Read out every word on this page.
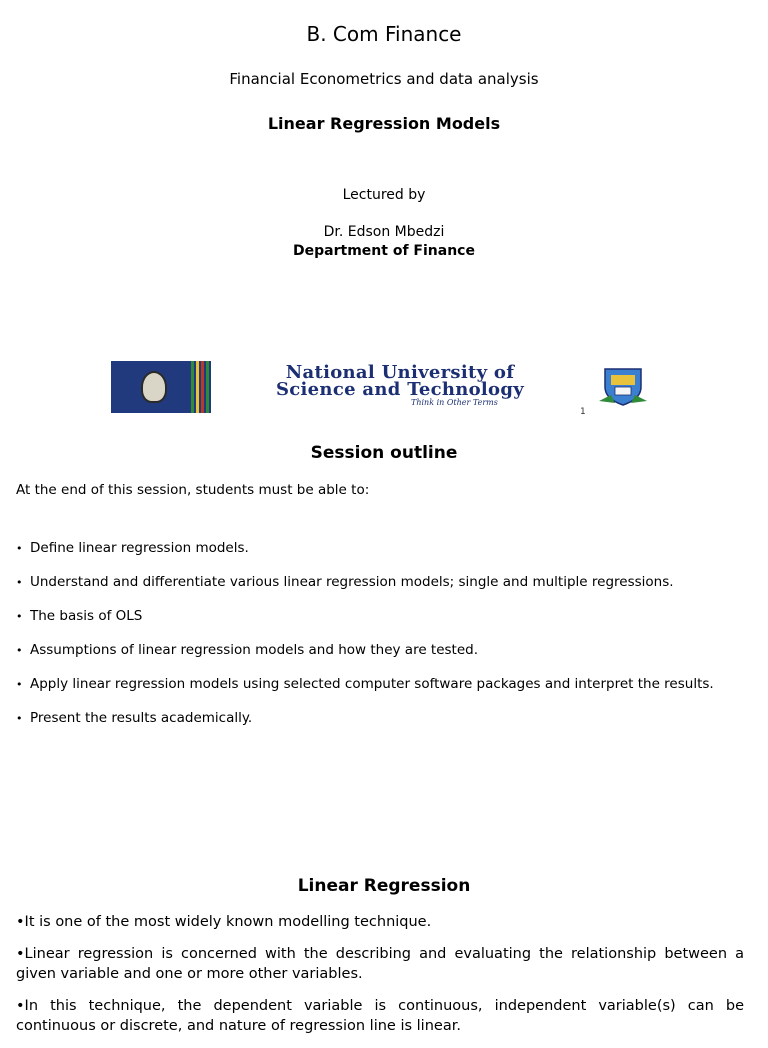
B. Com Finance
Financial Econometrics and data analysis
Linear Regression Models
Lectured by
Dr. Edson Mbedzi
Department of Finance
National University of
Science and Technology
Think in Other Terms
1
Session outline
At the end of this session, students must be able to:
• Define linear regression models.
• Understand and differentiate various linear regression models; single and multiple regressions.
• The basis of OLS
• Assumptions of linear regression models and how they are tested.
• Apply linear regression models using selected computer software packages and interpret the results.
• Present the results academically.
Linear Regression

•It is one of the most widely known modelling technique.

•Linear regression is concerned with the describing and evaluating the relationship between a given variable and one or more other variables.

•In this technique, the dependent variable is continuous, independent variable(s) can be continuous or discrete, and nature of regression line is linear.
